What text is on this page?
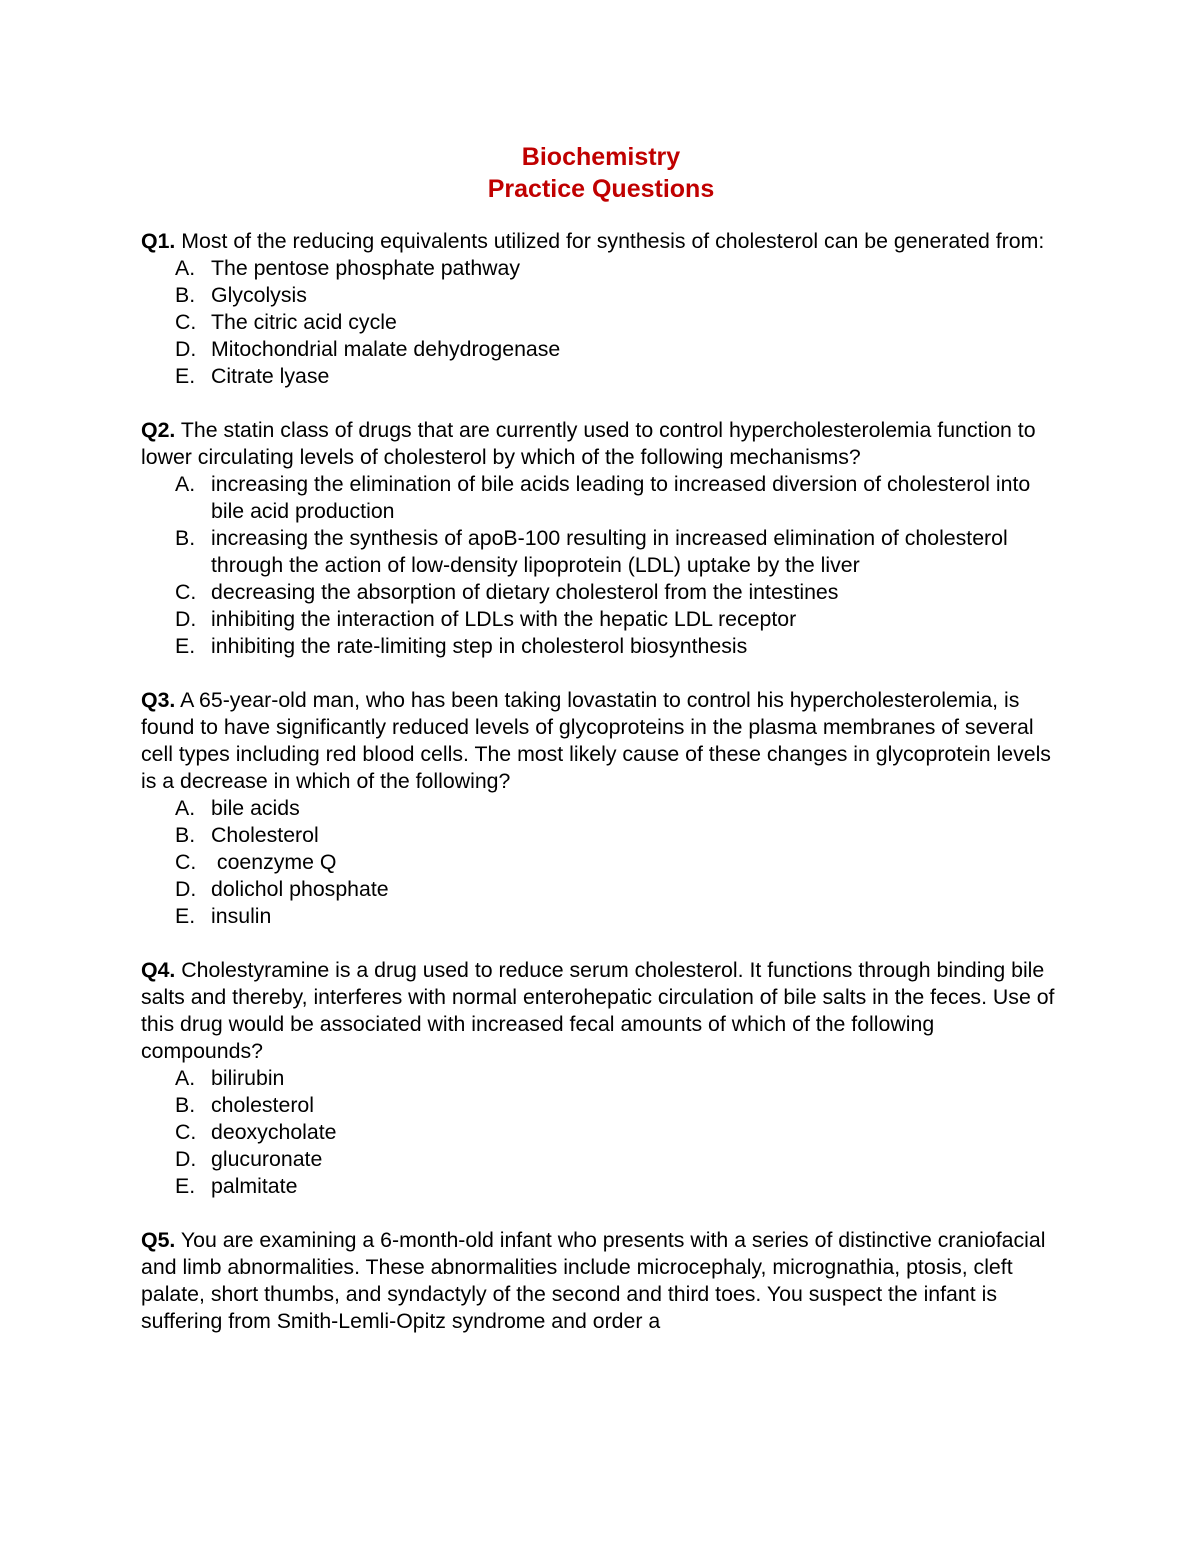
Biochemistry
Practice Questions

Q1. Most of the reducing equivalents utilized for synthesis of cholesterol can be generated from:

A. The pentose phosphate pathway
B. Glycolysis
C. The citric acid cycle
D. Mitochondrial malate dehydrogenase
E. Citrate lyase

Q2. The statin class of drugs that are currently used to control hypercholesterolemia function to lower circulating levels of cholesterol by which of the following mechanisms?

A. increasing the elimination of bile acids leading to increased diversion of cholesterol into bile acid production
B. increasing the synthesis of apoB-100 resulting in increased elimination of cholesterol through the action of low-density lipoprotein (LDL) uptake by the liver
C. decreasing the absorption of dietary cholesterol from the intestines
D. inhibiting the interaction of LDLs with the hepatic LDL receptor
E. inhibiting the rate-limiting step in cholesterol biosynthesis

Q3. A 65-year-old man, who has been taking lovastatin to control his hypercholesterolemia, is found to have significantly reduced levels of glycoproteins in the plasma membranes of several cell types including red blood cells. The most likely cause of these changes in glycoprotein levels is a decrease in which of the following?

A. bile acids
B. Cholesterol
C. coenzyme Q
D. dolichol phosphate
E. insulin

Q4. Cholestyramine is a drug used to reduce serum cholesterol. It functions through binding bile salts and thereby, interferes with normal enterohepatic circulation of bile salts in the feces. Use of this drug would be associated with increased fecal amounts of which of the following compounds?

A. bilirubin
B. cholesterol
C. deoxycholate
D. glucuronate
E. palmitate

Q5. You are examining a 6-month-old infant who presents with a series of distinctive craniofacial and limb abnormalities. These abnormalities include microcephaly, micrognathia, ptosis, cleft palate, short thumbs, and syndactyly of the second and third toes. You suspect the infant is suffering from Smith-Lemli-Opitz syndrome and order a
